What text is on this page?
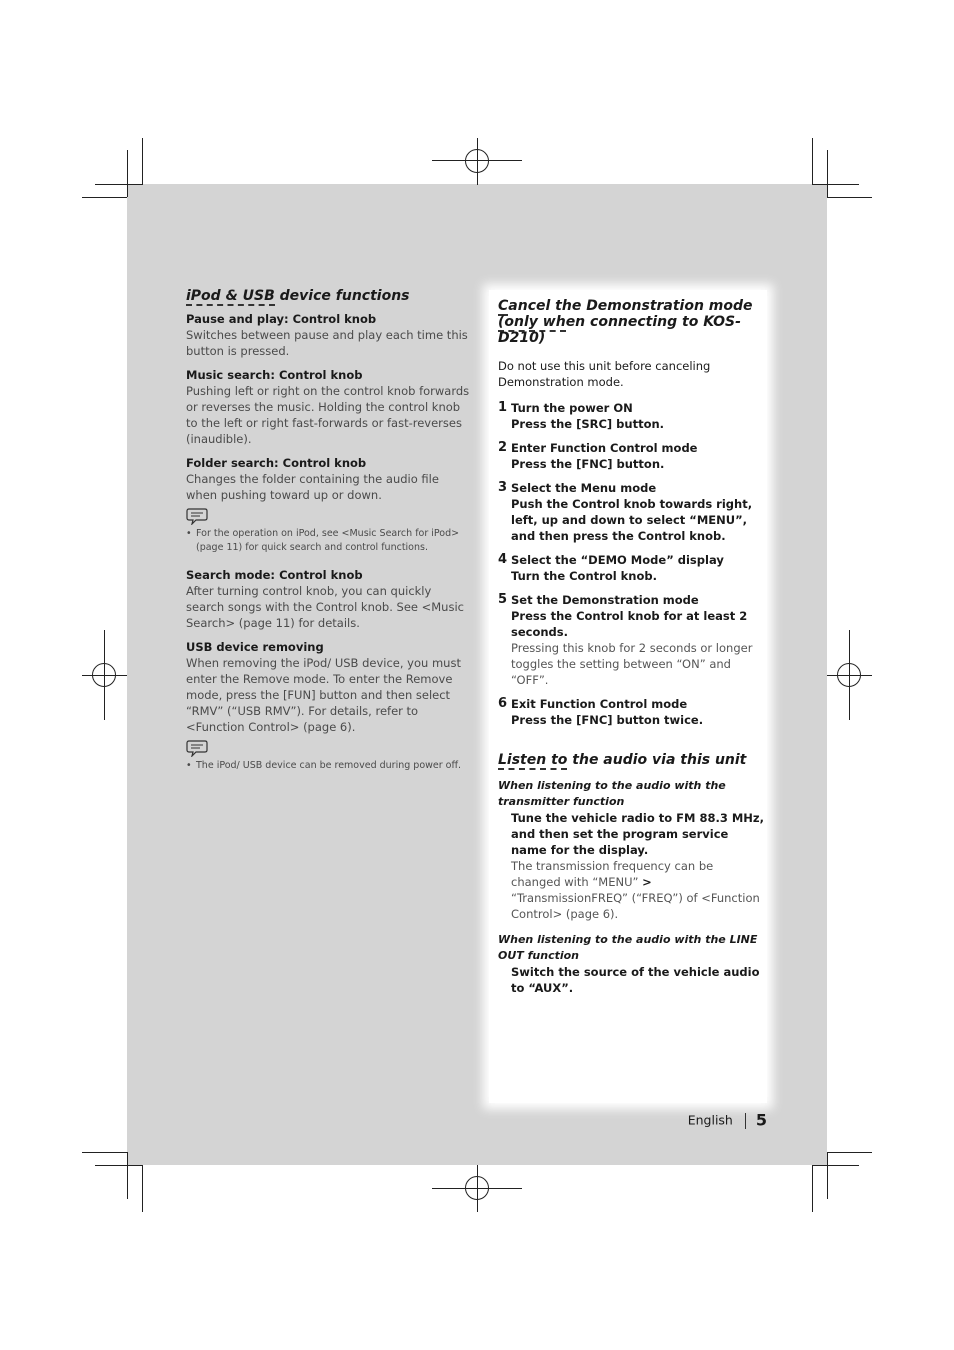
iPod & USB device functions
Pause and play: Control knob
Switches between pause and play each time this button is pressed.
Music search: Control knob
Pushing left or right on the control knob forwards or reverses the music. Holding the control knob to the left or right fast-forwards or fast-reverses (inaudible).
Folder search: Control knob
Changes the folder containing the audio file when pushing toward up or down.
• For the operation on iPod, see <Music Search for iPod> (page 11) for quick search and control functions.
Search mode: Control knob
After turning control knob, you can quickly search songs with the Control knob. See <Music Search> (page 11) for details.
USB device removing
When removing the iPod/ USB device, you must enter the Remove mode. To enter the Remove mode, press the [FUN] button and then select “RMV” (“USB RMV”). For details, refer to <Function Control> (page 6).
• The iPod/ USB device can be removed during power off.
Cancel the Demonstration mode
(only when connecting to KOS-D210)
Do not use this unit before canceling Demonstration mode.
1 Turn the power ON
Press the [SRC] button.
2 Enter Function Control mode
Press the [FNC] button.
3 Select the Menu mode
Push the Control knob towards right, left, up and down to select “MENU”, and then press the Control knob.
4 Select the “DEMO Mode” display
Turn the Control knob.
5 Set the Demonstration mode
Press the Control knob for at least 2 seconds.
Pressing this knob for 2 seconds or longer toggles the setting between “ON” and “OFF”.
6 Exit Function Control mode
Press the [FNC] button twice.
Listen to the audio via this unit
When listening to the audio with the transmitter function
Tune the vehicle radio to FM 88.3 MHz, and then set the program service name for the display.
The transmission frequency can be changed with “MENU” > “TransmissionFREQ” (“FREQ”) of <Function Control> (page 6).
When listening to the audio with the LINE OUT function
Switch the source of the vehicle audio to “AUX”.
English 5
